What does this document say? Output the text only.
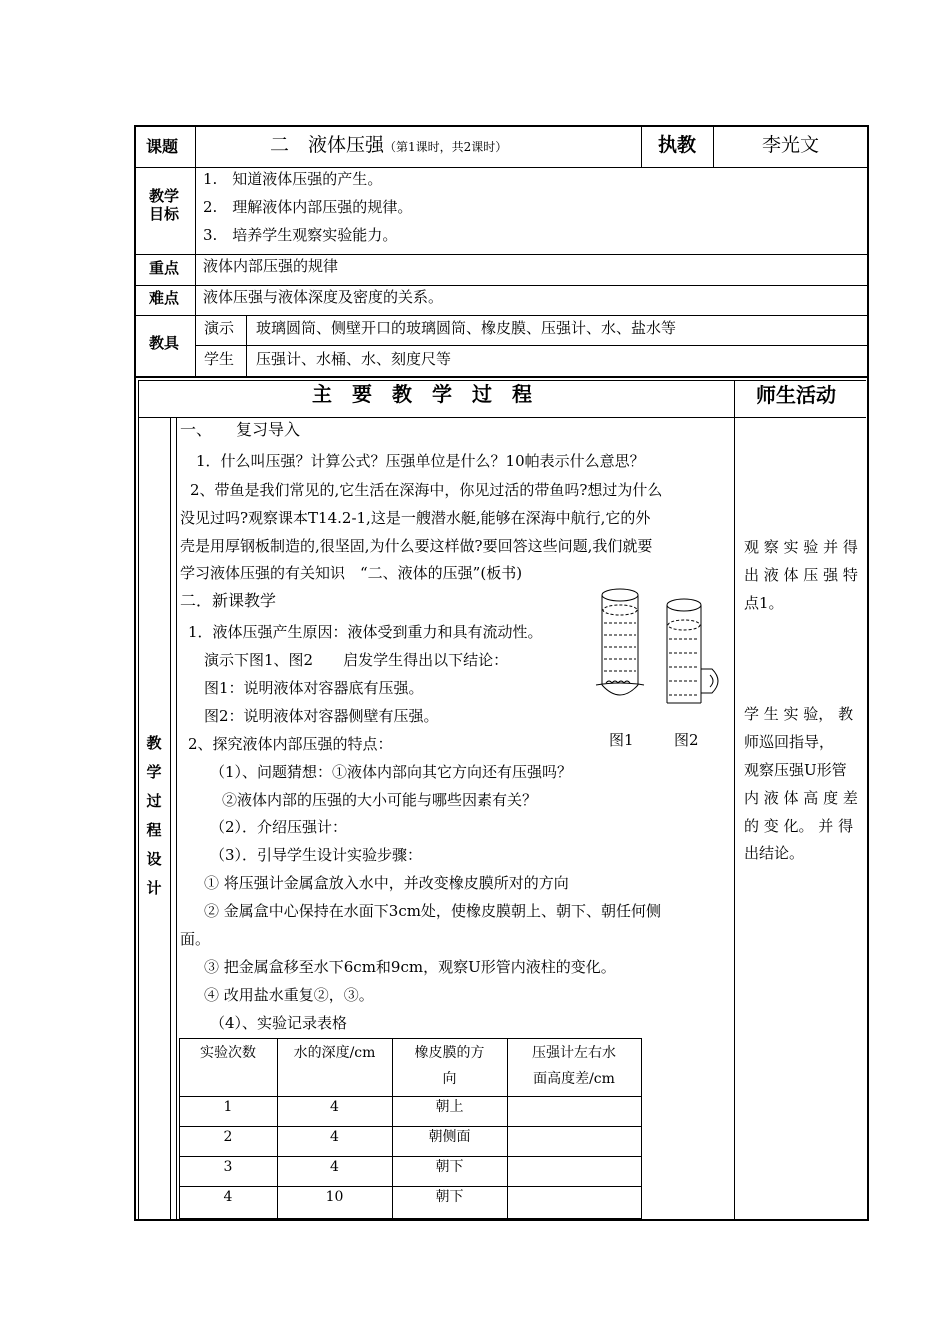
课题	二　液体压强（第1课时，共2课时）	执教	李光文
教学目标
1.　知道液体压强的产生。
2.　理解液体内部压强的规律。
3.　培养学生观察实验能力。
重点 液体内部压强的规律
难点 液体压强与液体深度及密度的关系。
教具
演示 玻璃圆筒、侧壁开口的玻璃圆筒、橡皮膜、压强计、水、盐水等
学生 压强计、水桶、水、刻度尺等
主　要　教　学　过　程	师生活动
教学过程设计
一、　　复习导入
1．什么叫压强？计算公式？压强单位是什么？10帕表示什么意思？
2、带鱼是我们常见的,它生活在深海中，你见过活的带鱼吗?想过为什么
没见过吗?观察课本T14.2-1,这是一艘潜水艇,能够在深海中航行,它的外
壳是用厚钢板制造的,很坚固,为什么要这样做?要回答这些问题,我们就要
学习液体压强的有关知识　“二、液体的压强”(板书)
二．新课教学
1．液体压强产生原因：液体受到重力和具有流动性。
演示下图1、图2　　启发学生得出以下结论：
图1：说明液体对容器底有压强。
图2：说明液体对容器侧壁有压强。
2、探究液体内部压强的特点：
（1）、问题猜想：①液体内部向其它方向还有压强吗？
②液体内部的压强的大小可能与哪些因素有关？
（2）．介绍压强计：
（3）．引导学生设计实验步骤：
① 将压强计金属盒放入水中，并改变橡皮膜所对的方向
② 金属盒中心保持在水面下3cm处，使橡皮膜朝上、朝下、朝任何侧
面。
③ 把金属盒移至水下6cm和9cm，观察U形管内液柱的变化。
④ 改用盐水重复②，③。
（4）、实验记录表格
图1	图2
观 察 实 验 并 得
出 液 体 压 强 特
点1。
学 生 实 验， 教
师巡回指导，
观察压强U形管
内 液 体 高 度 差
的 变 化。 并 得
出结论。
实验次数	水的深度/cm	橡皮膜的方
向
压强计左右水
面高度差/cm
1	4	朝上
2	4	朝侧面
3	4	朝下
4	10	朝下
